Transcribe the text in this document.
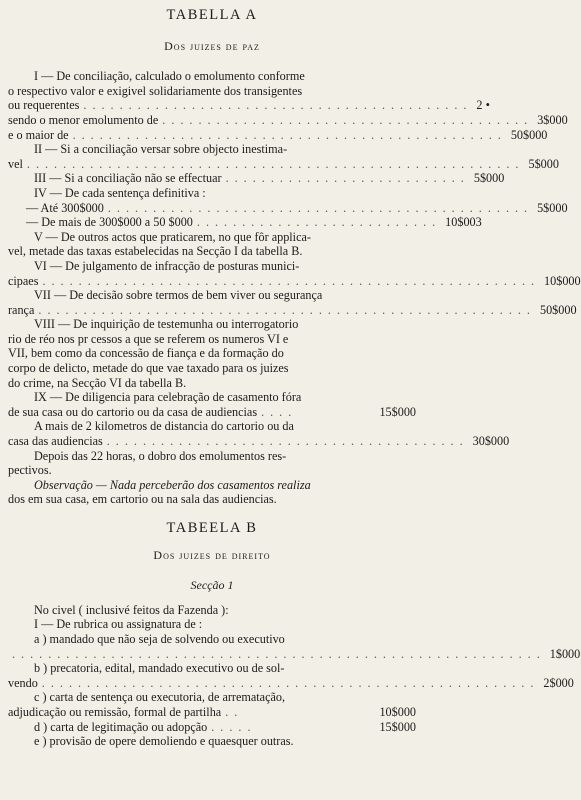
TABELLA A
Dos juizes de paz
I — De conciliação, calculado o emolumento conforme
o respectivo valor e exigivel solidariamente dos transigentes
ou requerentes ........................................... 2 •
sendo o menor emolumento de ......................................... 3$000
e o maior de ................................................ 50$000
II — Si a conciliação versar sobre objecto inestima-
vel ....................................................... 5$000
III — Si a conciliação não se effectuar ........................... 5$000
IV — De cada sentença definitiva :
— Até 300$000 ............................................... 5$000
— De mais de 300$000 a 50 $000 ........................... 10$003
V — De outros actos que praticarem, no que fôr applica-
vel, metade das taxas estabelecidas na Secção I da tabella B.
VI — De julgamento de infracção de posturas munici-
cipaes ....................................................... 10$000
VII — De decisão sobre termos de bem viver ou segurança
rança ....................................................... 50$000
VIII — De inquirição de testemunha ou interrogatorio
rio de réo nos pr cessos a que se referem os numeros VI e
VII, bem como da concessão de fiança e da formação do
corpo de delicto, metade do que vae taxado para os juizes
do crime, na Secção VI da tabella B.
IX — De diligencia para celebração de casamento fóra
de sua casa ou do cartorio ou da casa de audiencias ....	15$000
A mais de 2 kilometros de distancia do cartorio ou da
casa das audiencias ........................................ 30$000
Depois das 22 horas, o dobro dos emolumentos res-
pectivos.
Observação — Nada perceberão dos casamentos realiza
dos em sua casa, em cartorio ou na sala das audiencias.
TABEELA B
Dos juizes de direito
Secção 1
No civel ( inclusivé feitos da Fazenda ):
I — De rubrica ou assignatura de :
a ) mandado que não seja de solvendo ou executivo
........................................................... 1$000
b ) precatoria, edital, mandado executivo ou de sol-
vendo ....................................................... 2$000
c ) carta de sentença ou executoria, de arrematação,
adjudicação ou remissão, formal de partilha ..	10$000
d ) carta de legitimação ou adopção .....	15$000
e ) provisão de opere demoliendo e quaesquer outras.
